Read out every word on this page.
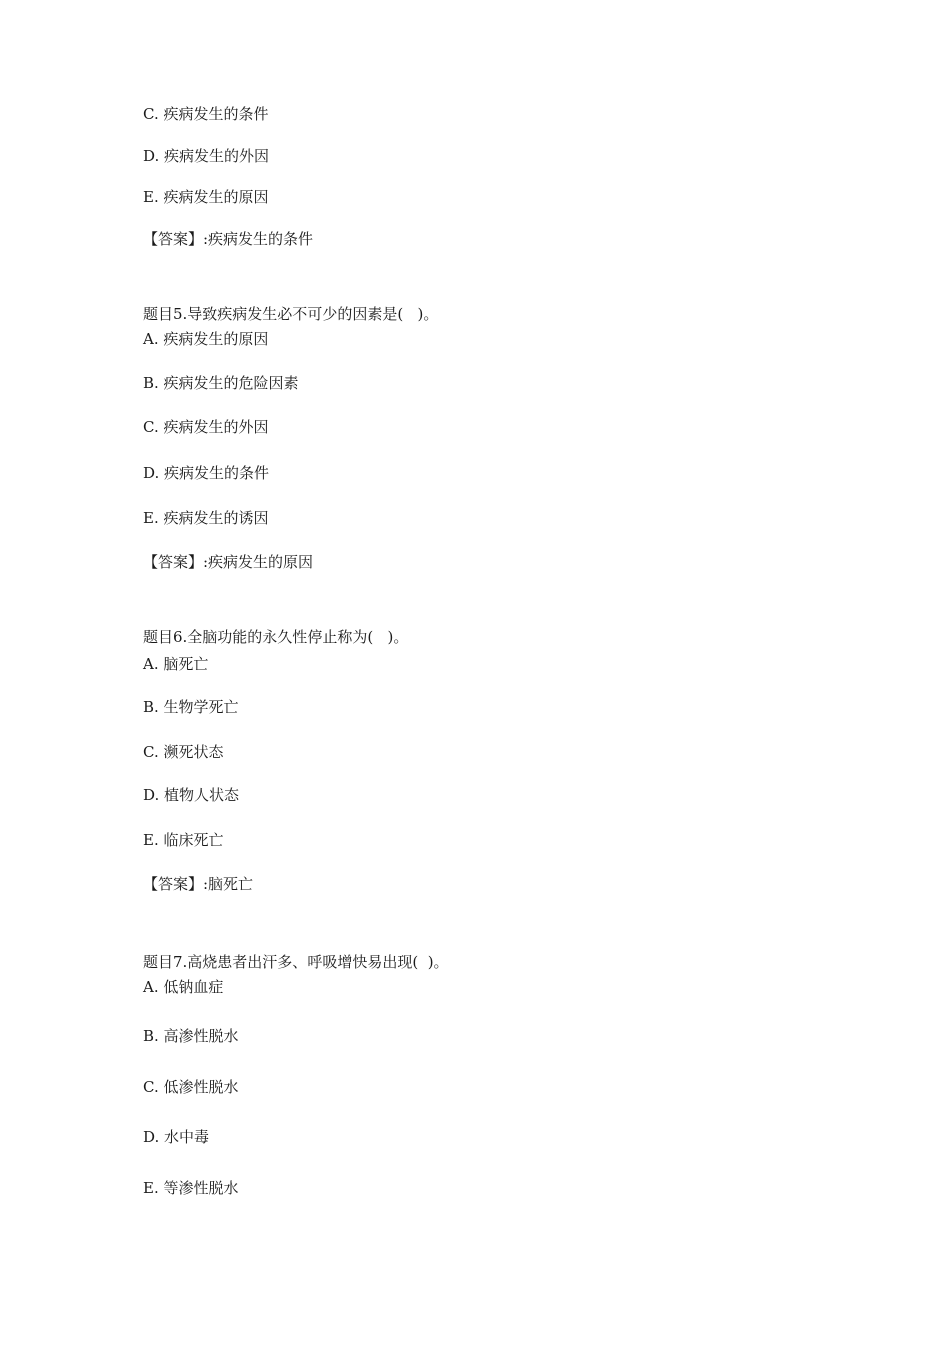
C. 疾病发生的条件
D. 疾病发生的外因
E. 疾病发生的原因
【答案】:疾病发生的条件
题目5.导致疾病发生必不可少的因素是(   )。
A. 疾病发生的原因
B. 疾病发生的危险因素
C. 疾病发生的外因
D. 疾病发生的条件
E. 疾病发生的诱因
【答案】:疾病发生的原因
题目6.全脑功能的永久性停止称为(   )。
A. 脑死亡
B. 生物学死亡
C. 濒死状态
D. 植物人状态
E. 临床死亡
【答案】:脑死亡
题目7.高烧患者出汗多、呼吸增快易出现(  )。
A. 低钠血症
B. 高渗性脱水
C. 低渗性脱水
D. 水中毒
E. 等渗性脱水
